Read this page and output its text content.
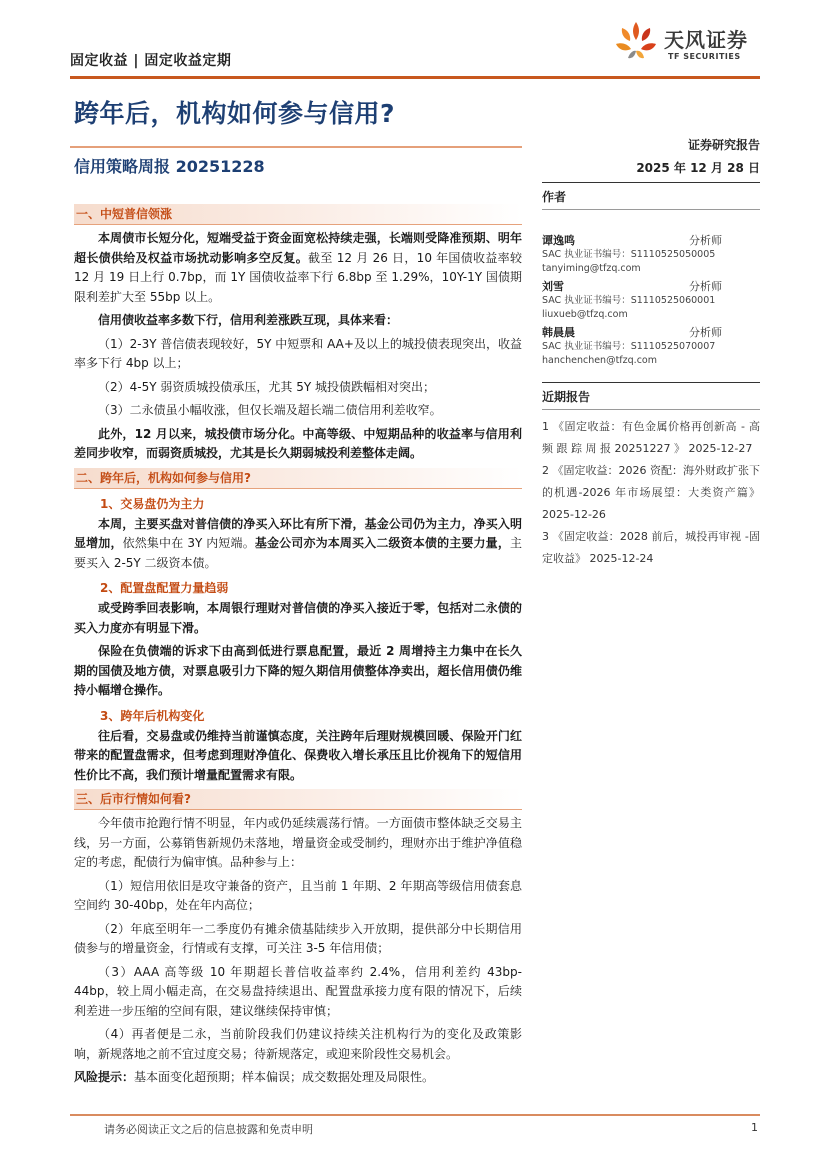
固定收益 | 固定收益定期
天风证券
TF SECURITIES
跨年后，机构如何参与信用?
信用策略周报 20251228
证券研究报告
2025 年 12 月 28 日
作者
谭逸鸣	分析师
SAC 执业证书编号：S1110525050005
tanyiming@tfzq.com
刘雪	分析师
SAC 执业证书编号：S1110525060001
liuxueb@tfzq.com
韩晨晨	分析师
SAC 执业证书编号：S1110525070007
hanchenchen@tfzq.com
近期报告
1 《固定收益：有色金属价格再创新高 - 高 频 跟 踪 周 报 20251227 》 2025-12-27
2 《固定收益：2026 资配：海外财政扩张下的机遇-2026 年市场展望：大类资产篇》 2025-12-26
3 《固定收益：2028 前后，城投再审视 -固定收益》 2025-12-24
一、中短普信领涨

本周债市长短分化，短端受益于资金面宽松持续走强，长端则受降准预期、明年超长债供给及权益市场扰动影响多空反复。截至 12 月 26 日，10 年国债收益率较 12 月 19 日上行 0.7bp，而 1Y 国债收益率下行 6.8bp 至 1.29%，10Y-1Y 国债期限利差扩大至 55bp 以上。

信用债收益率多数下行，信用利差涨跌互现，具体来看：

（1）2-3Y 普信债表现较好，5Y 中短票和 AA+及以上的城投债表现突出，收益率多下行 4bp 以上；

（2）4-5Y 弱资质城投债承压，尤其 5Y 城投债跌幅相对突出；

（3）二永债虽小幅收涨，但仅长端及超长端二债信用利差收窄。

此外，12 月以来，城投债市场分化。中高等级、中短期品种的收益率与信用利差同步收窄，而弱资质城投，尤其是长久期弱城投利差整体走阔。

二、跨年后，机构如何参与信用?
1、交易盘仍为主力

本周，主要买盘对普信债的净买入环比有所下滑，基金公司仍为主力，净买入明显增加，依然集中在 3Y 内短端。基金公司亦为本周买入二级资本债的主要力量，主要买入 2-5Y 二级资本债。

2、配置盘配置力量趋弱

或受跨季回表影响，本周银行理财对普信债的净买入接近于零，包括对二永债的买入力度亦有明显下滑。

保险在负债端的诉求下由高到低进行票息配置，最近 2 周增持主力集中在长久期的国债及地方债，对票息吸引力下降的短久期信用债整体净卖出，超长信用债仍维持小幅增仓操作。

3、跨年后机构变化

往后看，交易盘或仍维持当前谨慎态度，关注跨年后理财规模回暖、保险开门红带来的配置盘需求，但考虑到理财净值化、保费收入增长承压且比价视角下的短信用性价比不高，我们预计增量配置需求有限。

三、后市行情如何看?

今年债市抢跑行情不明显，年内或仍延续震荡行情。一方面债市整体缺乏交易主线，另一方面，公募销售新规仍未落地，增量资金或受制约，理财亦出于维护净值稳定的考虑，配债行为偏审慎。品种参与上：

（1）短信用依旧是攻守兼备的资产，且当前 1 年期、2 年期高等级信用债套息空间约 30-40bp，处在年内高位；

（2）年底至明年一二季度仍有摊余债基陆续步入开放期，提供部分中长期信用债参与的增量资金，行情或有支撑，可关注 3-5 年信用债；

（3）AAA 高等级 10 年期超长普信收益率约 2.4%，信用利差约 43bp-44bp，较上周小幅走高，在交易盘持续退出、配置盘承接力度有限的情况下，后续利差进一步压缩的空间有限，建议继续保持审慎；

（4）再者便是二永，当前阶段我们仍建议持续关注机构行为的变化及政策影响，新规落地之前不宜过度交易；待新规落定，或迎来阶段性交易机会。

风险提示：基本面变化超预期；样本偏误；成交数据处理及局限性。

请务必阅读正文之后的信息披露和免责申明	1
